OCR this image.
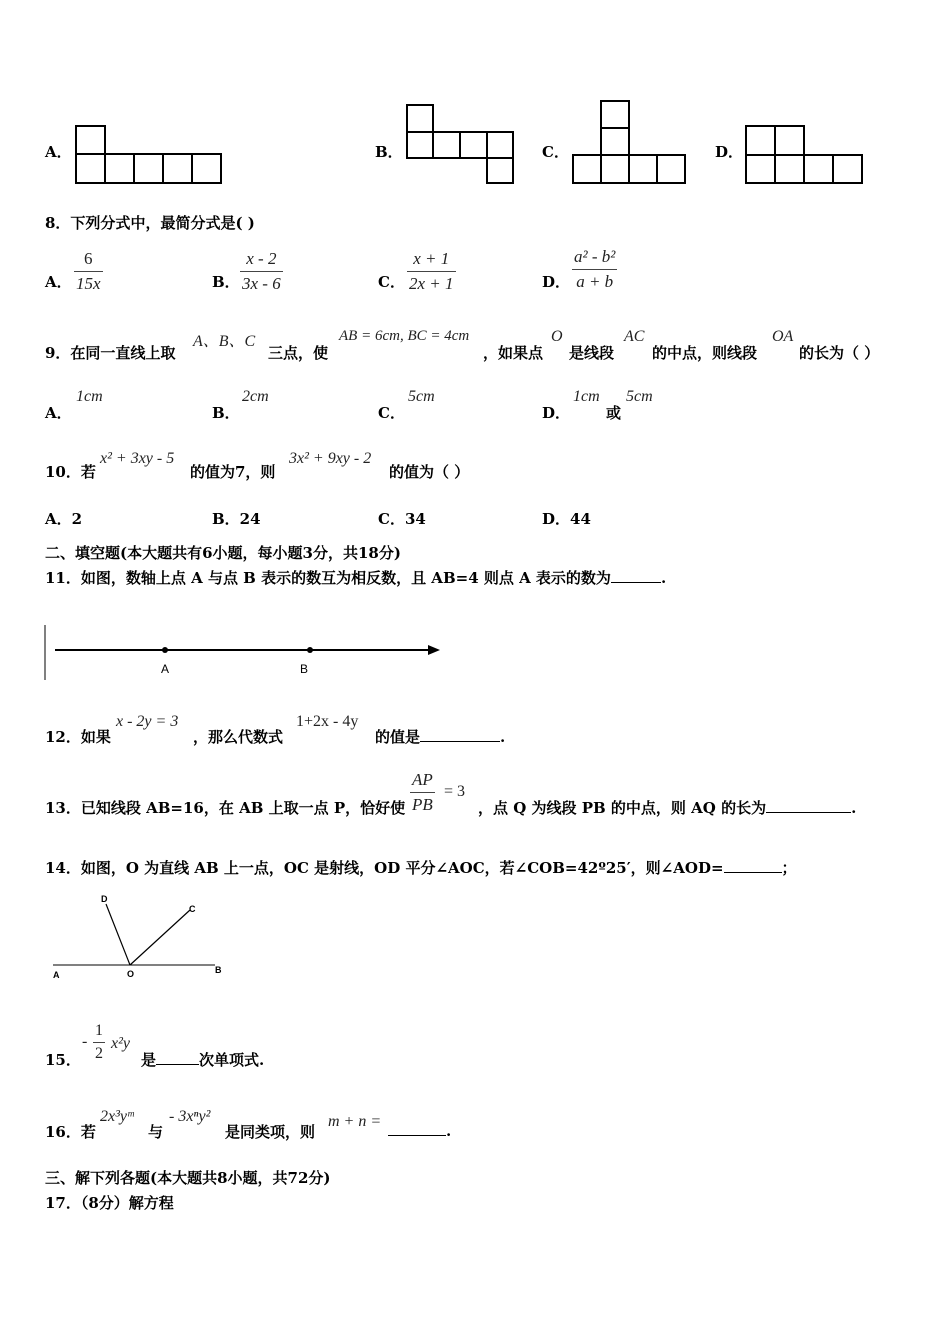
A．	B．	C．	D．
8．下列分式中，最简分式是( )
A．
6
15x	B．
x - 2
3x - 6	C．
x + 1
2x + 1	D．
a² - b²
a + b
9．在同一直线上取
A、B、C
三点，使
AB = 6cm, BC = 4cm
，如果点
O
是线段
AC
的中点，则线段
OA
的长为（ ）
A．
1cm
B．
2cm
C．
5cm
D．
1cm
或
5cm
10．若
x² + 3xy - 5
的值为7，则
3x² + 9xy - 2
的值为（ ）
A．2	B．24	C．34	D．44
二、填空题(本大题共有6小题，每小题3分，共18分)
11．如图，数轴上点 A 与点 B 表示的数互为相反数，且 AB=4 则点 A 表示的数为	.
A	B
12．如果
x - 2y = 3
，那么代数式
1+2x - 4y
的值是	.
13．已知线段 AB=16，在 AB 上取一点 P，恰好使
AP
PB
= 3
，点 Q 为线段 PB 的中点，则 AQ 的长为	.
14．如图，O 为直线 AB 上一点，OC 是射线，OD 平分∠AOC，若∠COB=42º25′，则∠AOD=	；
A	B
O
C
D
15．
-
1
2
x²y
是	次单项式.
16．若
2x³yᵐ
与
- 3xⁿy²
是同类项，则
m + n =
.
三、解下列各题(本大题共8小题，共72分)
17．（8分）解方程
